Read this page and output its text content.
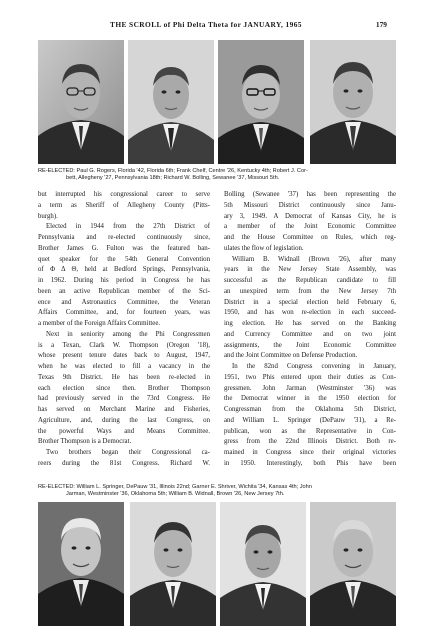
THE SCROLL of Phi Delta Theta for JANUARY, 1965	179
RE-ELECTED: Paul G. Rogers, Florida '42, Florida 6th; Frank Chelf, Centre '26, Kentucky 4th; Robert J. Cor-
bett, Allegheny '27, Pennsylvania 18th; Richard W. Bolling, Sewanee '37, Missouri 5th.
but interrupted his congressional career to serve
a term as Sheriff of Allegheny County (Pitts-
burgh).
Elected in 1944 from the 27th District of
Pennsylvania and re-elected continuously since,
Brother James G. Fulton was the featured ban-
quet speaker for the 54th General Convention
of Φ Δ Θ, held at Bedford Springs, Pennsylvania,
in 1962. During his period in Congress he has
been an active Republican member of the Sci-
ence and Astronautics Committee, the Veteran
Affairs Committee, and, for fourteen years, was
a member of the Foreign Affairs Committee.
Next in seniority among the Phi Congressmen
is a Texan, Clark W. Thompson (Oregon '18),
whose present tenure dates back to August, 1947,
when he was elected to fill a vacancy in the
Texas 9th District. He has been re-elected in
each election since then. Brother Thompson
had previously served in the 73rd Congress. He
has served on Merchant Marine and Fisheries,
Agriculture, and, during the last Congress, on
the powerful Ways and Means Committee.
Brother Thompson is a Democrat.
Two brothers began their Congressional ca-
reers during the 81st Congress. Richard W.
Bolling (Sewanee '37) has been representing the
5th Missouri District continuously since Janu-
ary 3, 1949. A Democrat of Kansas City, he is
a member of the Joint Economic Committee
and the House Committee on Rules, which reg-
ulates the flow of legislation.
William B. Widnall (Brown '26), after many
years in the New Jersey State Assembly, was
successful as the Republican candidate to fill
an unexpired term from the New Jersey 7th
District in a special election held February 6,
1950, and has won re-election in each succeed-
ing election. He has served on the Banking
and Currency Committee and on two joint
assignments, the Joint Economic Committee
and the Joint Committee on Defense Production.
In the 82nd Congress convening in January,
1951, two Phis entered upon their duties as Con-
gressmen. John Jarman (Westminster '36) was
the Democrat winner in the 1950 election for
Congressman from the Oklahoma 5th District,
and William L. Springer (DePauw '31), a Re-
publican, won as the Representative in Con-
gress from the 22nd Illinois District. Both re-
mained in Congress since their original victories
in 1950. Interestingly, both Phis have been
RE-ELECTED: William L. Springer, DePauw '31, Illinois 22nd; Garner E. Shriver, Wichita '34, Kansas 4th; John
Jarman, Westminster '36, Oklahoma 5th; William B. Widnall, Brown '26, New Jersey 7th.
